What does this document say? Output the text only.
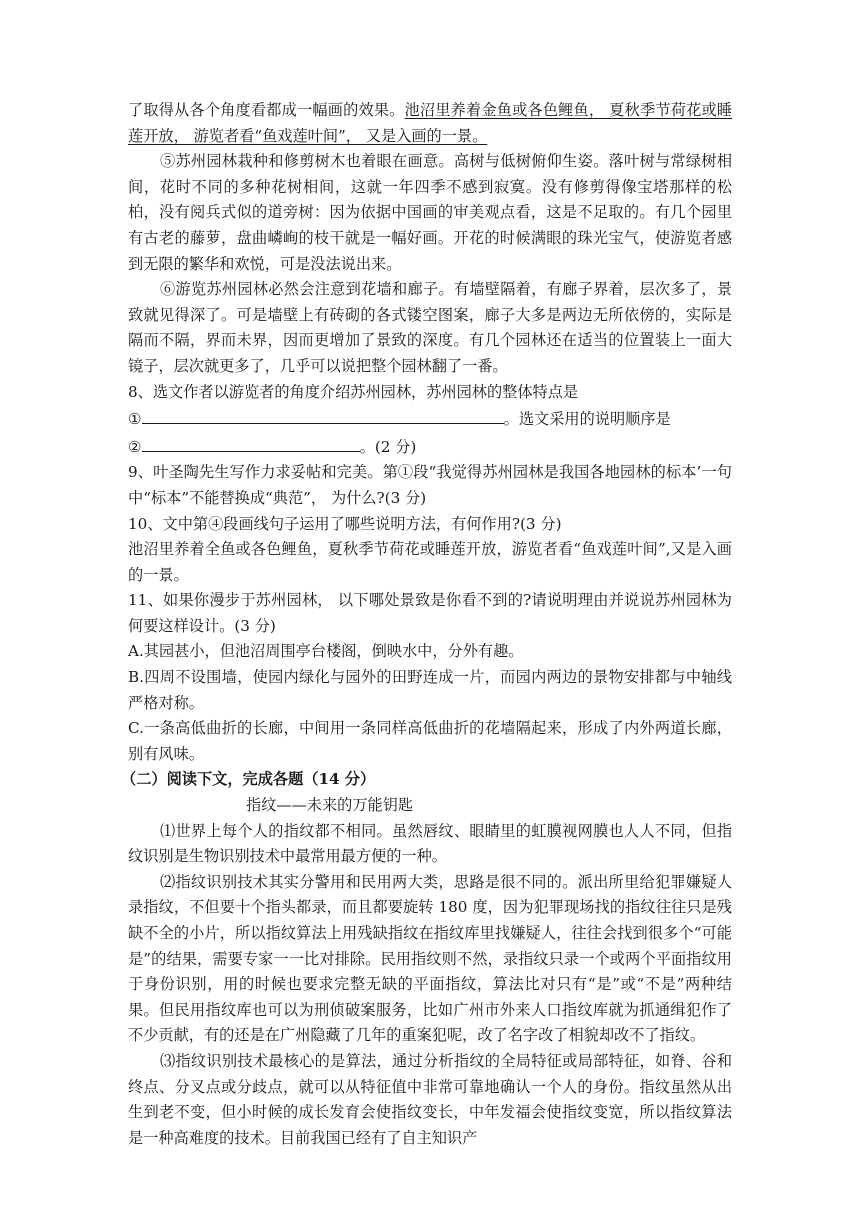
了取得从各个角度看都成一幅画的效果。池沼里养着金鱼或各色鲤鱼， 夏秋季节荷花或睡莲开放， 游览者看“鱼戏莲叶间”， 又是入画的一景。

⑤苏州园林栽种和修剪树木也着眼在画意。高树与低树俯仰生姿。落叶树与常绿树相间，花时不同的多种花树相间，这就一年四季不感到寂寞。没有修剪得像宝塔那样的松柏，没有阅兵式似的道旁树：因为依据中国画的审美观点看，这是不足取的。有几个园里有古老的藤萝，盘曲嶙峋的枝干就是一幅好画。开花的时候满眼的珠光宝气，使游览者感到无限的繁华和欢悦，可是没法说出来。

⑥游览苏州园林必然会注意到花墙和廊子。有墙壁隔着，有廊子界着，层次多了，景致就见得深了。可是墙壁上有砖砌的各式镂空图案，廊子大多是两边无所依傍的，实际是隔而不隔，界而未界，因而更增加了景致的深度。有几个园林还在适当的位置装上一面大镜子，层次就更多了，几乎可以说把整个园林翻了一番。

8、选文作者以游览者的角度介绍苏州园林，苏州园林的整体特点是

①	。选文采用的说明顺序是

②	。(2 分)

9、叶圣陶先生写作力求妥帖和完美。第①段“我觉得苏州园林是我国各地园林的标本’一句中“标本”不能替换成“典范”， 为什么?(3 分)

10、文中第④段画线句子运用了哪些说明方法，有何作用?(3 分)

池沼里养着全鱼或各色鲤鱼，夏秋季节荷花或睡莲开放，游览者看“鱼戏莲叶间”,又是入画的一景。

11、如果你漫步于苏州园林， 以下哪处景致是你看不到的?请说明理由并说说苏州园林为何要这样设计。(3 分)

A.其园甚小，但池沼周围亭台楼阁，倒映水中，分外有趣。

B.四周不设围墙，使园内绿化与园外的田野连成一片，而园内两边的景物安排都与中轴线严格对称。

C.一条高低曲折的长廊，中间用一条同样高低曲折的花墙隔起来，形成了内外两道长廊，别有风味。

（二）阅读下文，完成各题（14 分）

指纹——未来的万能钥匙

⑴世界上每个人的指纹都不相同。虽然唇纹、眼睛里的虹膜视网膜也人人不同，但指纹识别是生物识别技术中最常用最方便的一种。

⑵指纹识别技术其实分警用和民用两大类，思路是很不同的。派出所里给犯罪嫌疑人录指纹，不但要十个指头都录，而且都要旋转 180 度，因为犯罪现场找的指纹往往只是残缺不全的小片，所以指纹算法上用残缺指纹在指纹库里找嫌疑人，往往会找到很多个“可能是”的结果，需要专家一一比对排除。民用指纹则不然，录指纹只录一个或两个平面指纹用于身份识别，用的时候也要求完整无缺的平面指纹，算法比对只有“是”或“不是”两种结果。但民用指纹库也可以为刑侦破案服务，比如广州市外来人口指纹库就为抓通缉犯作了不少贡献，有的还是在广州隐藏了几年的重案犯呢，改了名字改了相貌却改不了指纹。

⑶指纹识别技术最核心的是算法，通过分析指纹的全局特征或局部特征，如脊、谷和终点、分叉点或分歧点，就可以从特征值中非常可靠地确认一个人的身份。指纹虽然从出生到老不变，但小时候的成长发育会使指纹变长，中年发福会使指纹变宽，所以指纹算法是一种高难度的技术。目前我国已经有了自主知识产
